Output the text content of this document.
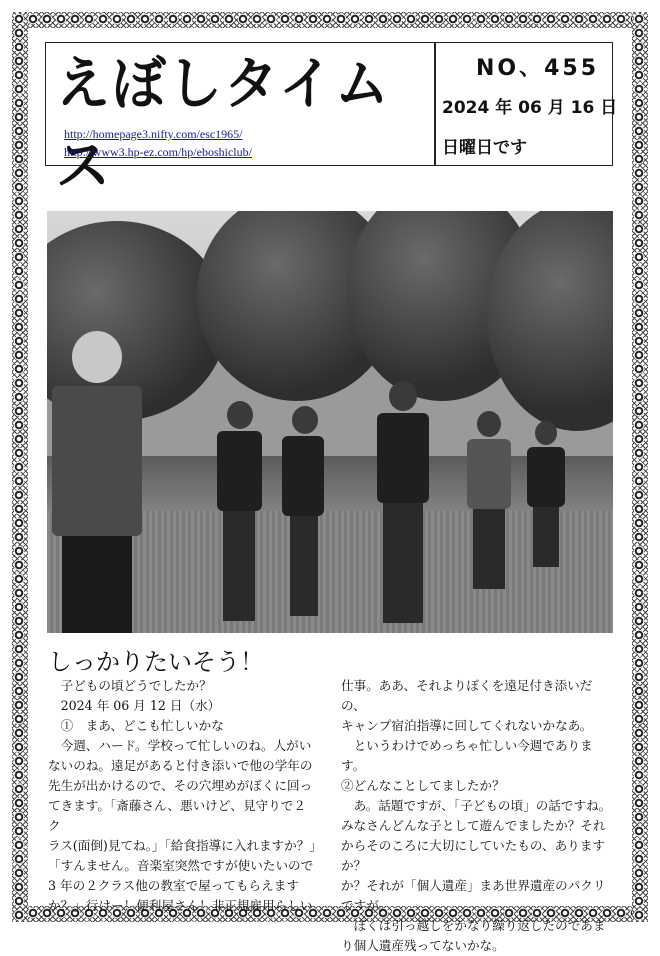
えぼしタイムス
http://homepage3.nifty.com/esc1965/
http://www3.hp-ez.com/hp/eboshiclub/
NO、455
2024 年 06 月 16 日
日曜日です
しっかりたいそう！

　子どもの頃どうでしたか？

　2024 年 06 月 12 日（水）

　①　まあ、どこも忙しいかな

　今週、ハード。学校って忙しいのね。人がい

ないのね。遠足があると付き添いで他の学年の

先生が出かけるので、その穴埋めがぼくに回っ

てきます。「斎藤さん、悪いけど、見守りで２ク

ラス(面倒)見てね。」「給食指導に入れますか？」

「すんません。音楽室突然ですが使いたいので

3 年の２クラス他の教室で屋ってもらえます

か？」行けー！便利屋さん！非正規雇用らしい

仕事。ああ、それよりぼくを遠足付き添いだの、

キャンプ宿泊指導に回してくれないかなあ。

　というわけでめっちゃ忙しい今週であります。

②どんなことしてましたか？

　あ。話題ですが、「子どもの頃」の話ですね。

みなさんどんな子として遊んでましたか？それ

からそのころに大切にしていたもの、ありますか？

か？それが「個人遺産」まあ世界遺産のパクリ

ですが。

　ぼくは引っ越しをかなり繰り返したのであま

り個人遺産残ってないかな。
